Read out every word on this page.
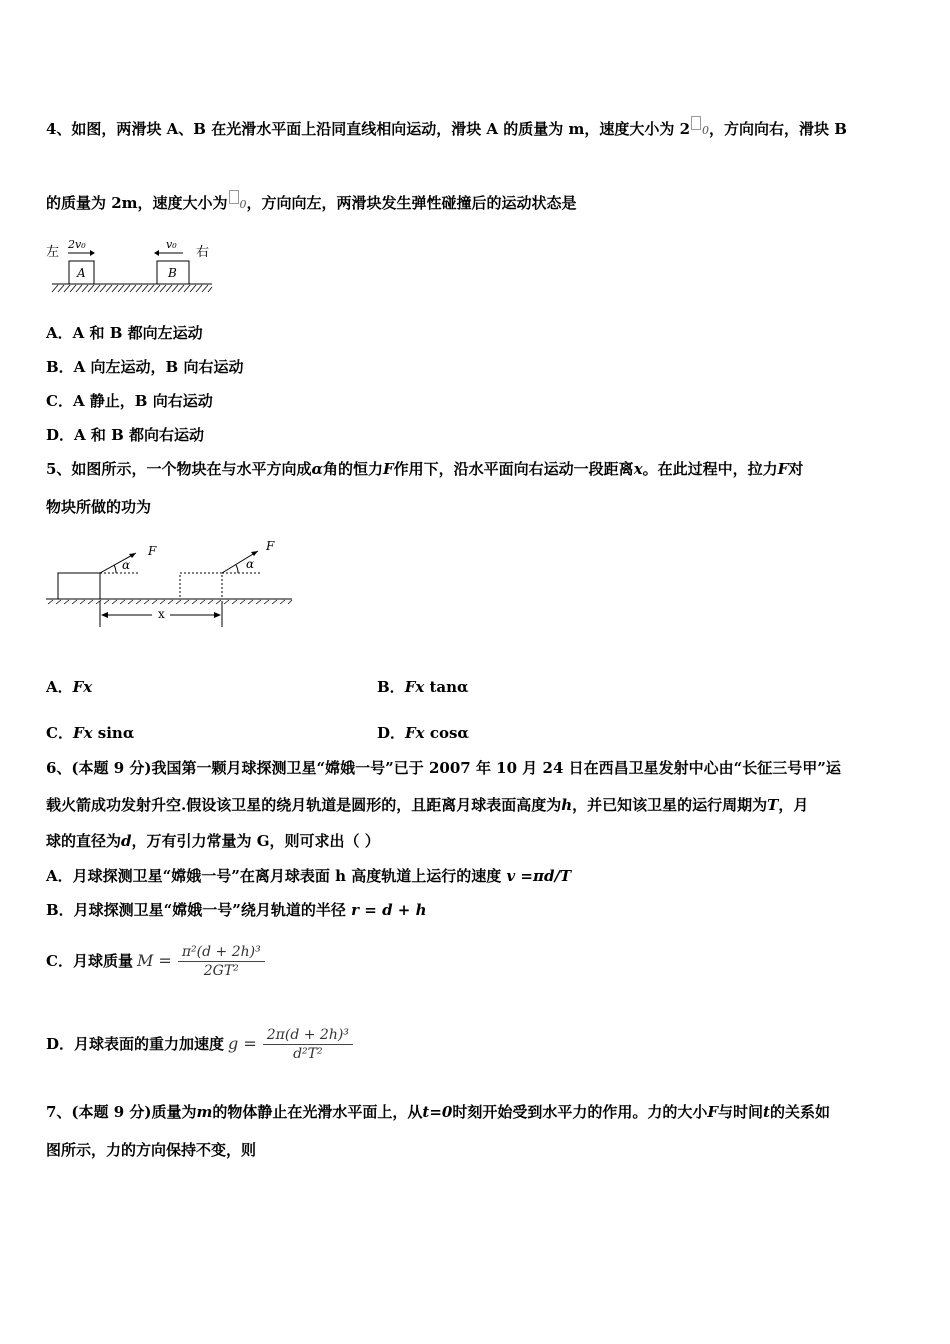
4、如图，两滑块 A、B 在光滑水平面上沿同直线相向运动，滑块 A 的质量为 m，速度大小为 2 0，方向向右，滑块 B
的质量为 2m，速度大小为 0，方向向左，两滑块发生弹性碰撞后的运动状态是
左	右
2v₀	v₀
A	B
A．A 和 B 都向左运动
B．A 向左运动，B 向右运动
C．A 静止，B 向右运动
D．A 和 B 都向右运动
5、如图所示，一个物块在与水平方向成α角的恒力F作用下，沿水平面向右运动一段距离x。在此过程中，拉力F对
物块所做的功为
α
F
α
F
x
A．Fx	B．Fx tanα
C．Fx sinα	D．Fx cosα
6、(本题 9 分)我国第一颗月球探测卫星“嫦娥一号”已于 2007 年 10 月 24 日在西昌卫星发射中心由“长征三号甲”运
载火箭成功发射升空.假设该卫星的绕月轨道是圆形的，且距离月球表面高度为h，并已知该卫星的运行周期为T，月
球的直径为d，万有引力常量为 G，则可求出（ ）
A．月球探测卫星“嫦娥一号”在离月球表面 h 高度轨道上运行的速度 v =πd/T
B．月球探测卫星“嫦娥一号”绕月轨道的半径 r = d + h
C．月球质量 $M = \frac{\text{π²(d + 2h)³}}{\text{2GT²}}$
D．月球表面的重力加速度 $g = \frac{\text{2π(d + 2h)³}}{\text{d²T²}}$
7、(本题 9 分)质量为m的物体静止在光滑水平面上，从t=0时刻开始受到水平力的作用。力的大小F与时间t的关系如
图所示，力的方向保持不变，则
